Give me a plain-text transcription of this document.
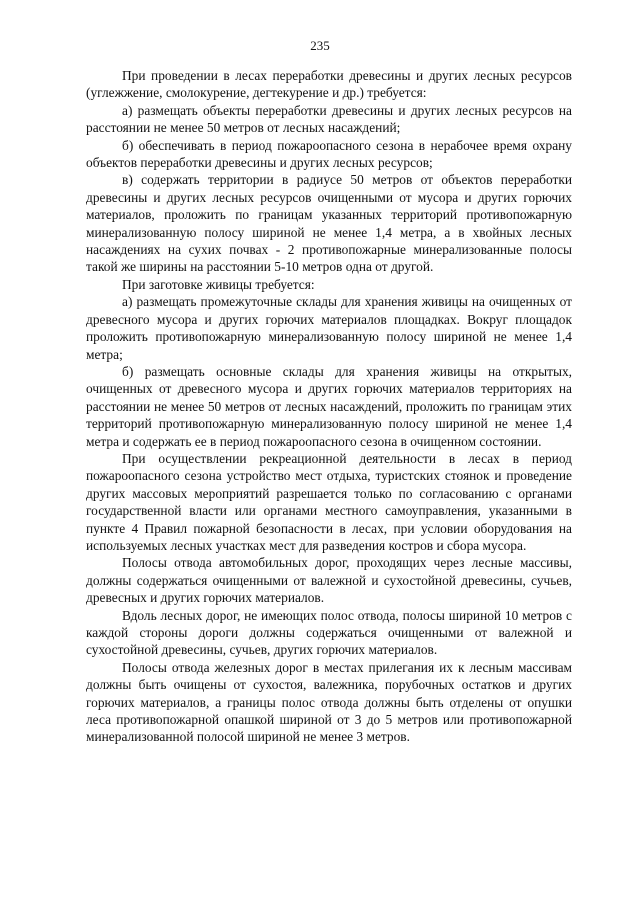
235

При проведении в лесах переработки древесины и других лесных ресурсов (углежжение, смолокурение, дегтекурение и др.) требуется:

а) размещать объекты переработки древесины и других лесных ресурсов на расстоянии не менее 50 метров от лесных насаждений;

б) обеспечивать в период пожароопасного сезона в нерабочее время охрану объектов переработки древесины и других лесных ресурсов;

в) содержать территории в радиусе 50 метров от объектов переработки древесины и других лесных ресурсов очищенными от мусора и других горючих материалов, проложить по границам указанных территорий противопожарную минерализованную полосу шириной не менее 1,4 метра, а в хвойных лесных насаждениях на сухих почвах - 2 противопожарные минерализованные полосы такой же ширины на расстоянии 5-10 метров одна от другой.

При заготовке живицы требуется:

а) размещать промежуточные склады для хранения живицы на очищенных от древесного мусора и других горючих материалов площадках. Вокруг площадок проложить противопожарную минерализованную полосу шириной не менее 1,4 метра;

б) размещать основные склады для хранения живицы на открытых, очищенных от древесного мусора и других горючих материалов территориях на расстоянии не менее 50 метров от лесных насаждений, проложить по границам этих территорий противопожарную минерализованную полосу шириной не менее 1,4 метра и содержать ее в период пожароопасного сезона в очищенном состоянии.

При осуществлении рекреационной деятельности в лесах в период пожароопасного сезона устройство мест отдыха, туристских стоянок и проведение других массовых мероприятий разрешается только по согласованию с органами государственной власти или органами местного самоуправления, указанными в пункте 4 Правил пожарной безопасности в лесах, при условии оборудования на используемых лесных участках мест для разведения костров и сбора мусора.

Полосы отвода автомобильных дорог, проходящих через лесные массивы, должны содержаться очищенными от валежной и сухостойной древесины, сучьев, древесных и других горючих материалов.

Вдоль лесных дорог, не имеющих полос отвода, полосы шириной 10 метров с каждой стороны дороги должны содержаться очищенными от валежной и сухостойной древесины, сучьев, других горючих материалов.

Полосы отвода железных дорог в местах прилегания их к лесным массивам должны быть очищены от сухостоя, валежника, порубочных остатков и других горючих материалов, а границы полос отвода должны быть отделены от опушки леса противопожарной опашкой шириной от 3 до 5 метров или противопожарной минерализованной полосой шириной не менее 3 метров.
